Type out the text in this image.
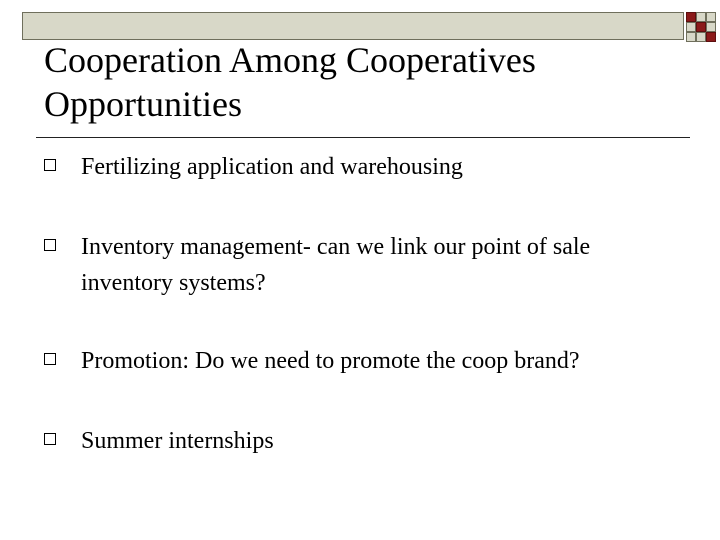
Cooperation Among Cooperatives
Opportunities
Fertilizing application and warehousing
Inventory management- can we link our point of sale inventory systems?
Promotion: Do we need to promote the coop brand?
Summer internships
